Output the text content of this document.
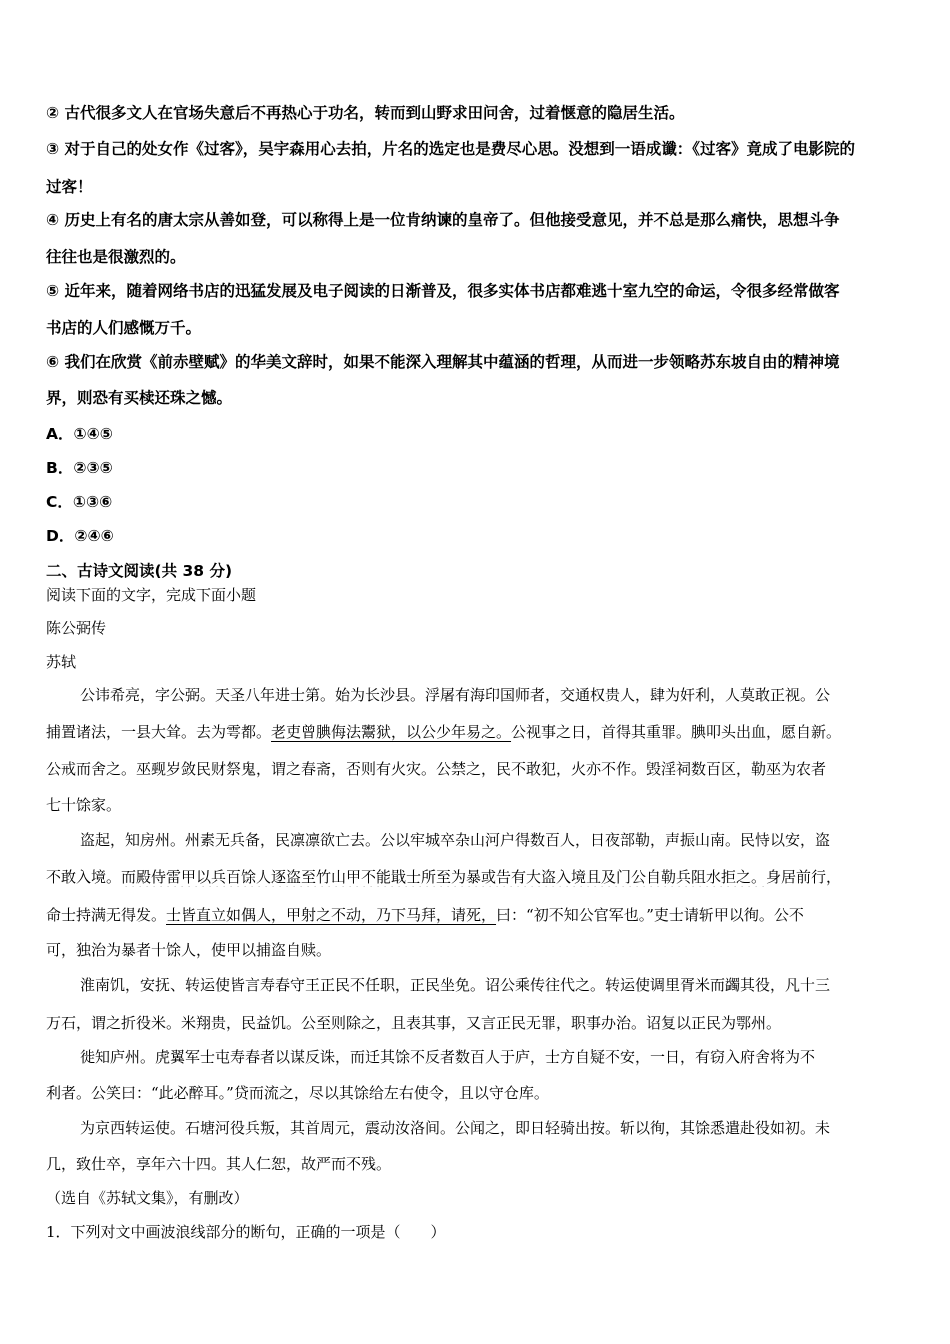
② 古代很多文人在官场失意后不再热心于功名，转而到山野求田问舍，过着惬意的隐居生活。
③ 对于自己的处女作《过客》，吴宇森用心去拍，片名的选定也是费尽心思。没想到一语成谶：《过客》竟成了电影院的
过客！
④ 历史上有名的唐太宗从善如登，可以称得上是一位肯纳谏的皇帝了。但他接受意见，并不总是那么痛快，思想斗争
往往也是很激烈的。
⑤ 近年来，随着网络书店的迅猛发展及电子阅读的日渐普及，很多实体书店都难逃十室九空的命运，令很多经常做客
书店的人们感慨万千。
⑥ 我们在欣赏《前赤壁赋》的华美文辞时，如果不能深入理解其中蕴涵的哲理，从而进一步领略苏东坡自由的精神境
界，则恐有买椟还珠之憾。
A．①④⑤
B．②③⑤
C．①③⑥
D．②④⑥
二、古诗文阅读(共 38 分)
阅读下面的文字，完成下面小题
陈公弼传
苏轼
公讳希亮，字公弼。天圣八年进士第。始为长沙县。浮屠有海印国师者，交通权贵人，肆为奸利，人莫敢正视。公
捕置诸法，一县大耸。去为雩都。老吏曾腆侮法鬻狱，以公少年易之。公视事之日，首得其重罪。腆叩头出血，愿自新。
公戒而舍之。巫觋岁敛民财祭鬼，谓之春斋，否则有火灾。公禁之，民不敢犯，火亦不作。毁淫祠数百区，勒巫为农者
七十馀家。
盗起，知房州。州素无兵备，民凛凛欲亡去。公以牢城卒杂山河户得数百人，日夜部勒，声振山南。民恃以安，盗
不敢入境。而殿侍雷甲以兵百馀人逐盗至竹山甲不能戢士所至为暴或告有大盗入境且及门公自勒兵阻水拒之。身居前行，
命士持满无得发。士皆直立如偶人，甲射之不动，乃下马拜，请死，曰：“初不知公官军也。”吏士请斩甲以徇。公不
可，独治为暴者十馀人，使甲以捕盗自赎。
淮南饥，安抚、转运使皆言寿春守王正民不任职，正民坐免。诏公乘传往代之。转运使调里胥米而蠲其役，凡十三
万石，谓之折役米。米翔贵，民益饥。公至则除之，且表其事，又言正民无罪，职事办治。诏复以正民为鄂州。
徙知庐州。虎翼军士屯寿春者以谋反诛，而迁其馀不反者数百人于庐，士方自疑不安，一日，有窃入府舍将为不
利者。公笑曰：“此必醉耳。”贷而流之，尽以其馀给左右使令，且以守仓库。
为京西转运使。石塘河役兵叛，其首周元，震动汝洛间。公闻之，即日轻骑出按。斩以徇，其馀悉遣赴役如初。未
几，致仕卒，享年六十四。其人仁恕，故严而不残。
（选自《苏轼文集》，有删改）
1．下列对文中画波浪线部分的断句，正确的一项是（　　）
